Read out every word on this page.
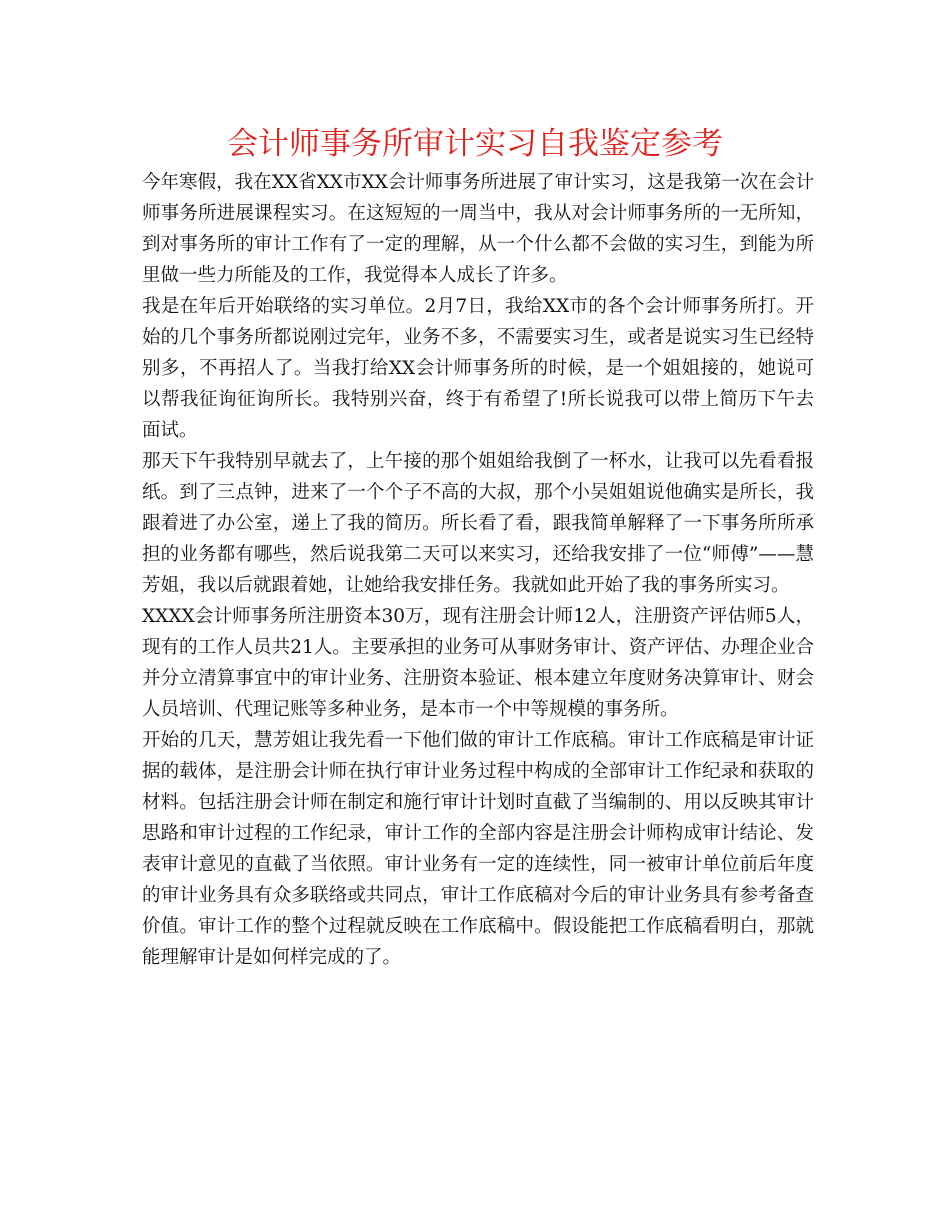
会计师事务所审计实习自我鉴定参考

今年寒假，我在XX省XX市XX会计师事务所进展了审计实习，这是我第一次在会计师事务所进展课程实习。在这短短的一周当中，我从对会计师事务所的一无所知，到对事务所的审计工作有了一定的理解，从一个什么都不会做的实习生，到能为所里做一些力所能及的工作，我觉得本人成长了许多。

我是在年后开始联络的实习单位。2月7日，我给XX市的各个会计师事务所打。开始的几个事务所都说刚过完年，业务不多，不需要实习生，或者是说实习生已经特别多，不再招人了。当我打给XX会计师事务所的时候，是一个姐姐接的，她说可以帮我征询征询所长。我特别兴奋，终于有希望了!所长说我可以带上简历下午去面试。

那天下午我特别早就去了，上午接的那个姐姐给我倒了一杯水，让我可以先看看报纸。到了三点钟，进来了一个个子不高的大叔，那个小吴姐姐说他确实是所长，我跟着进了办公室，递上了我的简历。所长看了看，跟我简单解释了一下事务所所承担的业务都有哪些，然后说我第二天可以来实习，还给我安排了一位“师傅”——慧芳姐，我以后就跟着她，让她给我安排任务。我就如此开始了我的事务所实习。

XXXX会计师事务所注册资本30万，现有注册会计师12人，注册资产评估师5人，现有的工作人员共21人。主要承担的业务可从事财务审计、资产评估、办理企业合并分立清算事宜中的审计业务、注册资本验证、根本建立年度财务决算审计、财会人员培训、代理记账等多种业务，是本市一个中等规模的事务所。

开始的几天，慧芳姐让我先看一下他们做的审计工作底稿。审计工作底稿是审计证据的载体，是注册会计师在执行审计业务过程中构成的全部审计工作纪录和获取的材料。包括注册会计师在制定和施行审计计划时直截了当编制的、用以反映其审计思路和审计过程的工作纪录，审计工作的全部内容是注册会计师构成审计结论、发表审计意见的直截了当依照。审计业务有一定的连续性，同一被审计单位前后年度的审计业务具有众多联络或共同点，审计工作底稿对今后的审计业务具有参考备查价值。审计工作的整个过程就反映在工作底稿中。假设能把工作底稿看明白，那就能理解审计是如何样完成的了。
